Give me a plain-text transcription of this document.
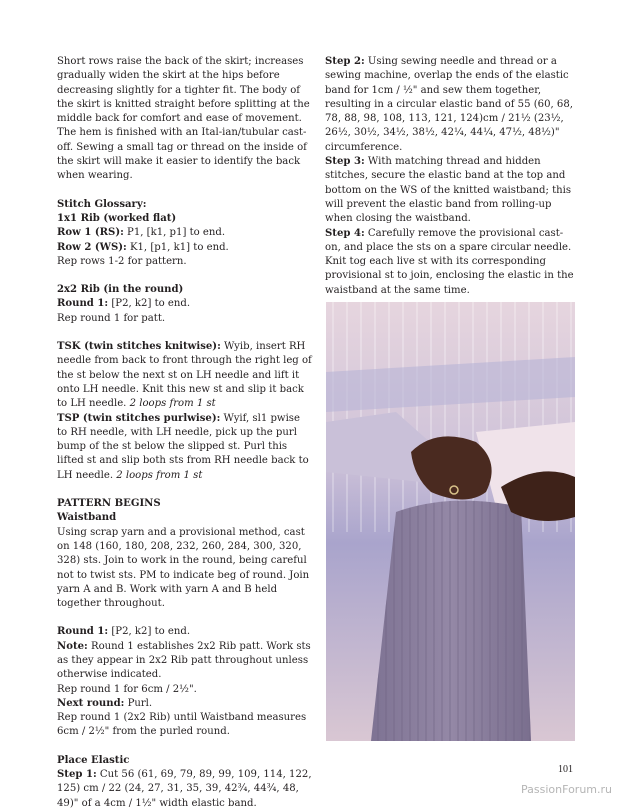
Short rows raise the back of the skirt; increases gradually widen the skirt at the hips before decreasing slightly for a tighter fit. The body of the skirt is knitted straight before splitting at the middle back for comfort and ease of movement. The hem is finished with an Ital-ian/tubular cast-off. Sewing a small tag or thread on the inside of the skirt will make it easier to identify the back when wearing.

Stitch Glossary:

1x1 Rib (worked flat)

Row 1 (RS): P1, [k1, p1] to end.

Row 2 (WS): K1, [p1, k1] to end.

Rep rows 1-2 for pattern.

2x2 Rib (in the round)

Round 1: [P2, k2] to end.

Rep round 1 for patt.

TSK (twin stitches knitwise): Wyib, insert RH needle from back to front through the right leg of the st below the next st on LH needle and lift it onto LH needle. Knit this new st and slip it back to LH needle. 2 loops from 1 st

TSP (twin stitches purlwise): Wyif, sl1 pwise to RH needle, with LH needle, pick up the purl bump of the st below the slipped st. Purl this lifted st and slip both sts from RH needle back to LH needle. 2 loops from 1 st

PATTERN BEGINS

Waistband

Using scrap yarn and a provisional method, cast on 148 (160, 180, 208, 232, 260, 284, 300, 320, 328) sts. Join to work in the round, being careful not to twist sts. PM to indicate beg of round. Join yarn A and B. Work with yarn A and B held together throughout.

Round 1: [P2, k2] to end.

Note: Round 1 establishes 2x2 Rib patt. Work sts as they appear in 2x2 Rib patt throughout unless otherwise indicated.

Rep round 1 for 6cm / 2½".

Next round: Purl.

Rep round 1 (2x2 Rib) until Waistband measures 6cm / 2½" from the purled round.

Place Elastic

Step 1: Cut 56 (61, 69, 79, 89, 99, 109, 114, 122, 125) cm / 22 (24, 27, 31, 35, 39, 42¾, 44¾, 48, 49)" of a 4cm / 1½" width elastic band.

Step 2: Using sewing needle and thread or a sewing machine, overlap the ends of the elastic band for 1cm / ½" and sew them together, resulting in a circular elastic band of 55 (60, 68, 78, 88, 98, 108, 113, 121, 124)cm / 21½ (23½, 26½, 30½, 34½, 38½, 42¼, 44¼, 47½, 48½)" circumference.

Step 3: With matching thread and hidden stitches, secure the elastic band at the top and bottom on the WS of the knitted waistband; this will prevent the elastic band from rolling-up when closing the waistband.

Step 4: Carefully remove the provisional cast-on, and place the sts on a spare circular needle. Knit tog each live st with its corresponding provisional st to join, enclosing the elastic in the waistband at the same time.

101
PassionForum.ru
